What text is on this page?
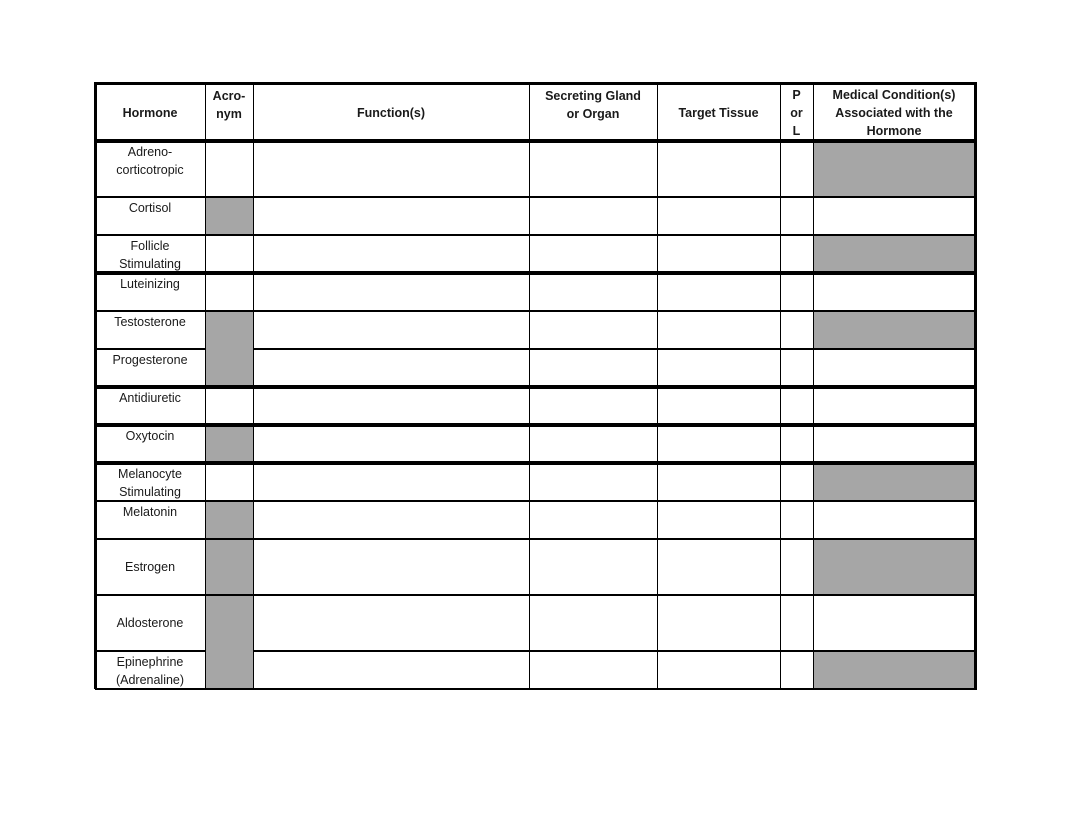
Hormone
Acro-
nym	Function(s)
Secreting Gland
or Organ	Target Tissue
P
or
L
Medical Condition(s)
Associated with the
Hormone
Adreno-
corticotropic
Cortisol
Follicle
Stimulating
Luteinizing
Testosterone
Progesterone
Antidiuretic
Oxytocin
Melanocyte
Stimulating
Melatonin
Estrogen
Aldosterone
Epinephrine
(Adrenaline)
